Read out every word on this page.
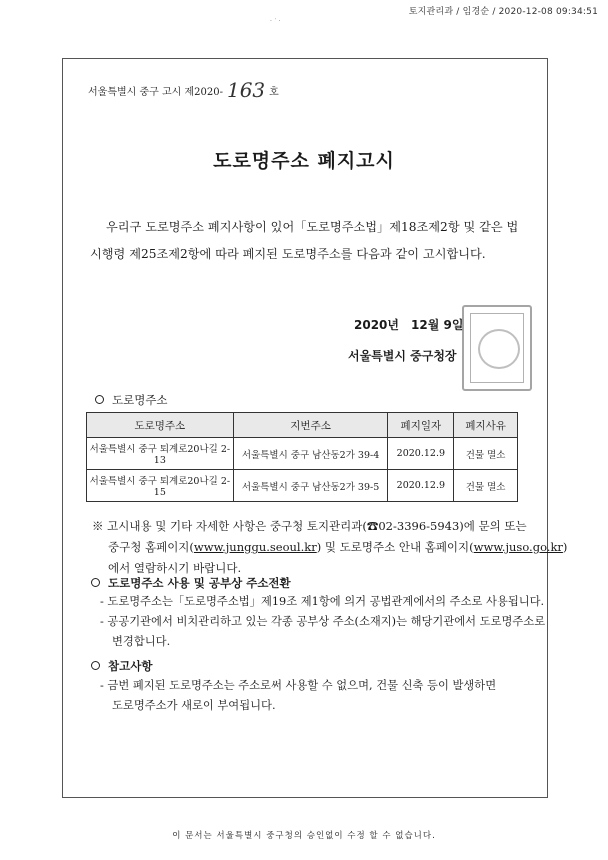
토지관리과 / 임경순 / 2020-12-08 09:34:51
· ˙ ·
서울특별시 중구 고시 제2020- 163 호
도로명주소 폐지고시
우리구 도로명주소 폐지사항이 있어「도로명주소법」제18조제2항 및 같은 법
시행령 제25조제2항에 따라 폐지된 도로명주소를 다음과 같이 고시합니다.
2020년 12월 9일
서울특별시 중구청장
도로명주소
도로명주소	지번주소	폐지일자	폐지사유
서울특별시 중구 퇴계로20나길 2-13	서울특별시 중구 남산동2가 39-4	2020.12.9	건물 멸소
서울특별시 중구 퇴계로20나길 2-15	서울특별시 중구 남산동2가 39-5	2020.12.9	건물 멸소
※ 고시내용 및 기타 자세한 사항은 중구청 토지관리과(☎02-3396-5943)에 문의 또는
중구청 홈페이지(www.junggu.seoul.kr) 및 도로명주소 안내 홈페이지(www.juso.go.kr)
에서 열람하시기 바랍니다.
도로명주소 사용 및 공부상 주소전환
- 도로명주소는「도로명주소법」제19조 제1항에 의거 공법관계에서의 주소로 사용됩니다.
- 공공기관에서 비치관리하고 있는 각종 공부상 주소(소재지)는 해당기관에서 도로명주소로
변경합니다.
참고사항
- 금번 폐지된 도로명주소는 주소로써 사용할 수 없으며, 건물 신축 등이 발생하면
도로명주소가 새로이 부여됩니다.
이 문서는 서울특별시 중구청의 승인없이 수정 할 수 없습니다.
